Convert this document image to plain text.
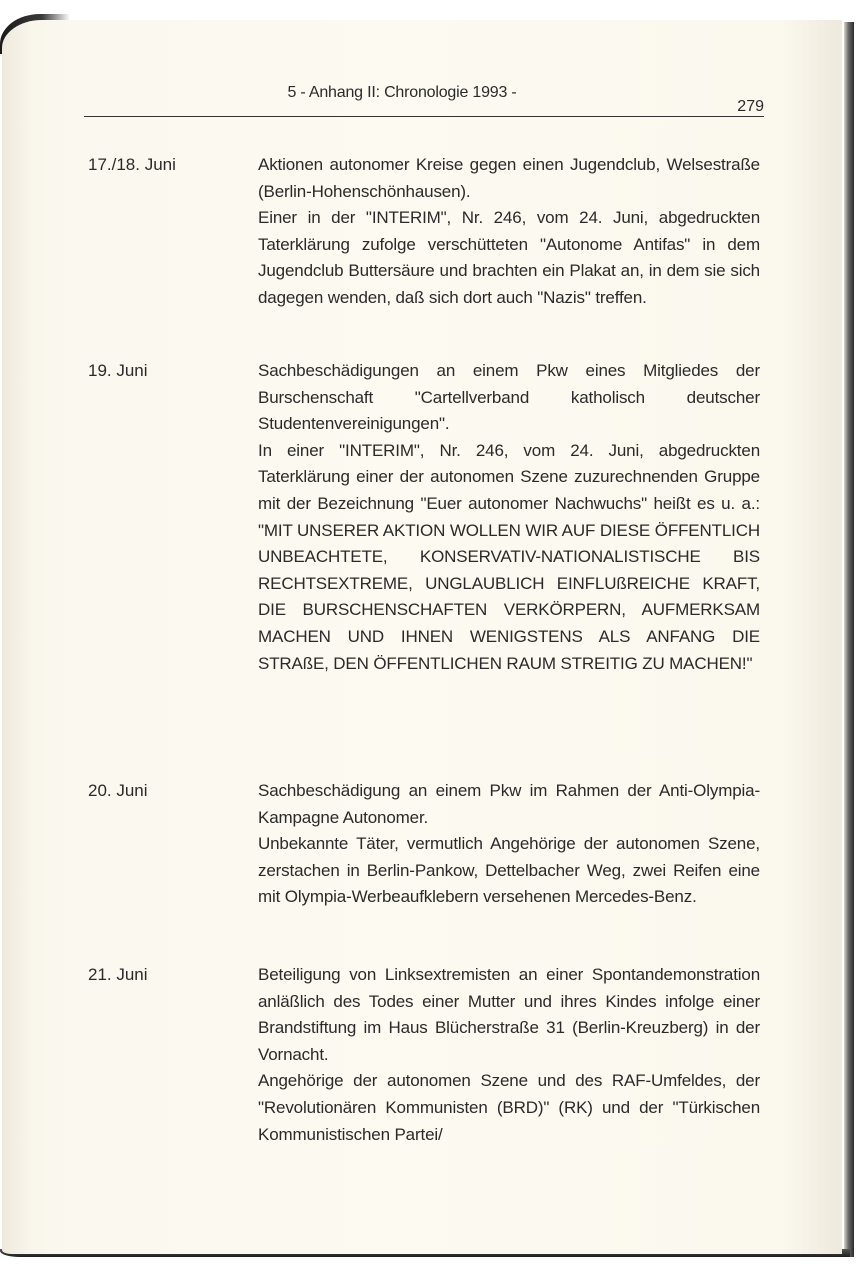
5 - Anhang II: Chronologie 1993 -
279
17./18. Juni	Aktionen autonomer Kreise gegen einen Jugendclub, Welsestraße (Berlin-Hohenschönhausen).

Einer in der "INTERIM", Nr. 246, vom 24. Juni, abgedruckten Taterklärung zufolge verschütteten "Autonome Antifas" in dem Jugendclub Buttersäure und brachten ein Plakat an, in dem sie sich dagegen wenden, daß sich dort auch "Nazis" treffen.

19. Juni	Sachbeschädigungen an einem Pkw eines Mitgliedes der Burschenschaft "Cartellverband katholisch deutscher Studentenvereinigungen".

In einer "INTERIM", Nr. 246, vom 24. Juni, abgedruckten Taterklärung einer der autonomen Szene zuzurechnenden Gruppe mit der Bezeichnung "Euer autonomer Nachwuchs" heißt es u. a.: "MIT UNSERER AKTION WOLLEN WIR AUF DIESE ÖFFENTLICH UNBEACHTETE, KONSERVATIV-NATIONALISTISCHE BIS RECHTSEXTREME, UNGLAUBLICH EINFLUßREICHE KRAFT, DIE BURSCHENSCHAFTEN VERKÖRPERN, AUFMERKSAM MACHEN UND IHNEN WENIGSTENS ALS ANFANG DIE STRAßE, DEN ÖFFENTLICHEN RAUM STREITIG ZU MACHEN!"

20. Juni	Sachbeschädigung an einem Pkw im Rahmen der Anti-Olympia-Kampagne Autonomer.

Unbekannte Täter, vermutlich Angehörige der autonomen Szene, zerstachen in Berlin-Pankow, Dettelbacher Weg, zwei Reifen eine mit Olympia-Werbeaufklebern versehenen Mercedes-Benz.

21. Juni	Beteiligung von Linksextremisten an einer Spontandemonstration anläßlich des Todes einer Mutter und ihres Kindes infolge einer Brandstiftung im Haus Blücherstraße 31 (Berlin-Kreuzberg) in der Vornacht.

Angehörige der autonomen Szene und des RAF-Umfeldes, der "Revolutionären Kommunisten (BRD)" (RK) und der "Türkischen Kommunistischen Partei/
